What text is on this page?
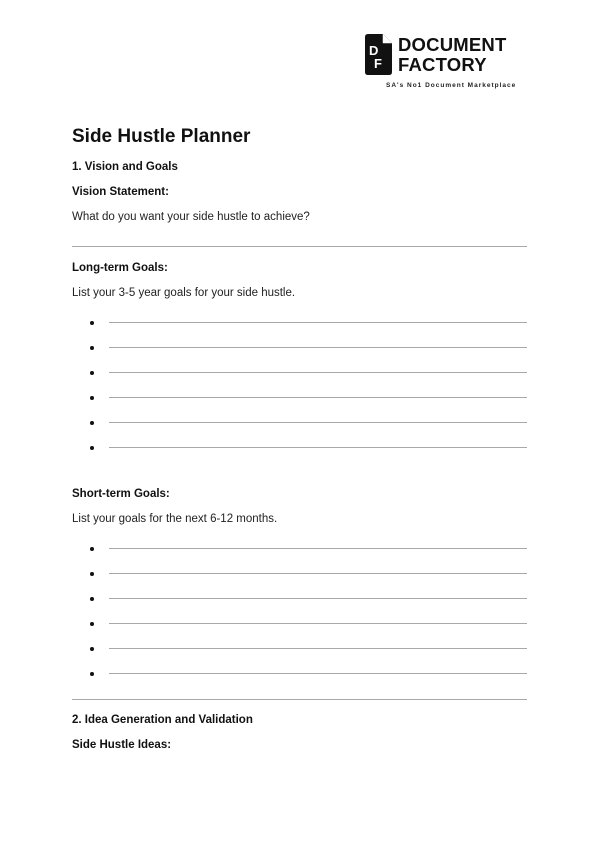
D
F
DOCUMENT
FACTORY
SA's No1 Document Marketplace
Side Hustle Planner
1. Vision and Goals
Vision Statement:
What do you want your side hustle to achieve?
Long-term Goals:
List your 3-5 year goals for your side hustle.
Short-term Goals:
List your goals for the next 6-12 months.
2. Idea Generation and Validation
Side Hustle Ideas:
